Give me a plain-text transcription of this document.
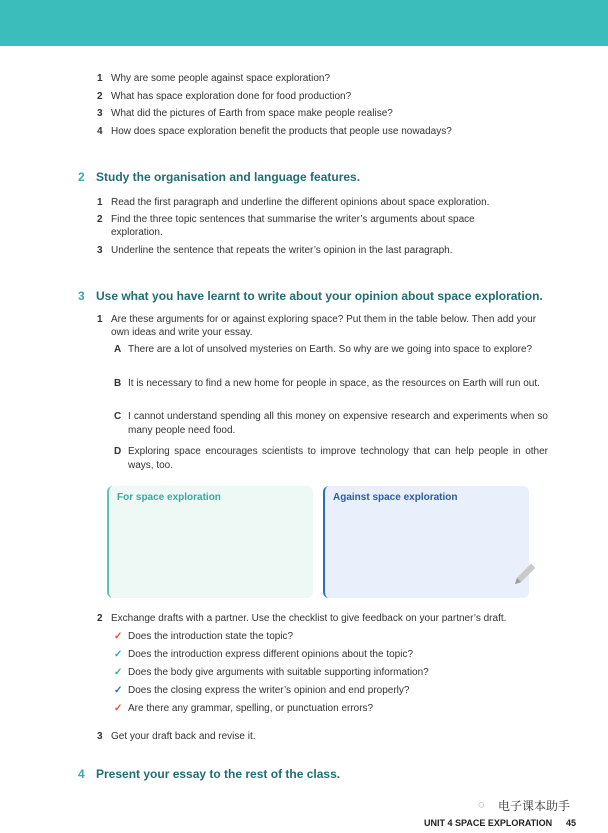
1 Why are some people against space exploration?
2 What has space exploration done for food production?
3 What did the pictures of Earth from space make people realise?
4 How does space exploration benefit the products that people use nowadays?
2 Study the organisation and language features.
1 Read the first paragraph and underline the different opinions about space exploration.
2 Find the three topic sentences that summarise the writer’s arguments about space exploration.
3 Underline the sentence that repeats the writer’s opinion in the last paragraph.
3 Use what you have learnt to write about your opinion about space exploration.
1 Are these arguments for or against exploring space? Put them in the table below. Then add your own ideas and write your essay.
A There are a lot of unsolved mysteries on Earth. So why are we going into space to explore?
B It is necessary to find a new home for people in space, as the resources on Earth will run out.
C I cannot understand spending all this money on expensive research and experiments when so many people need food.
D Exploring space encourages scientists to improve technology that can help people in other ways, too.
For space exploration	Against space exploration
2 Exchange drafts with a partner. Use the checklist to give feedback on your partner’s draft.
✓ Does the introduction state the topic?
✓ Does the introduction express different opinions about the topic?
✓ Does the body give arguments with suitable supporting information?
✓ Does the closing express the writer’s opinion and end properly?
✓ Are there any grammar, spelling, or punctuation errors?
3 Get your draft back and revise it.
4 Present your essay to the rest of the class.
◌ 电子课本助手
UNIT 4 SPACE EXPLORATION 45
